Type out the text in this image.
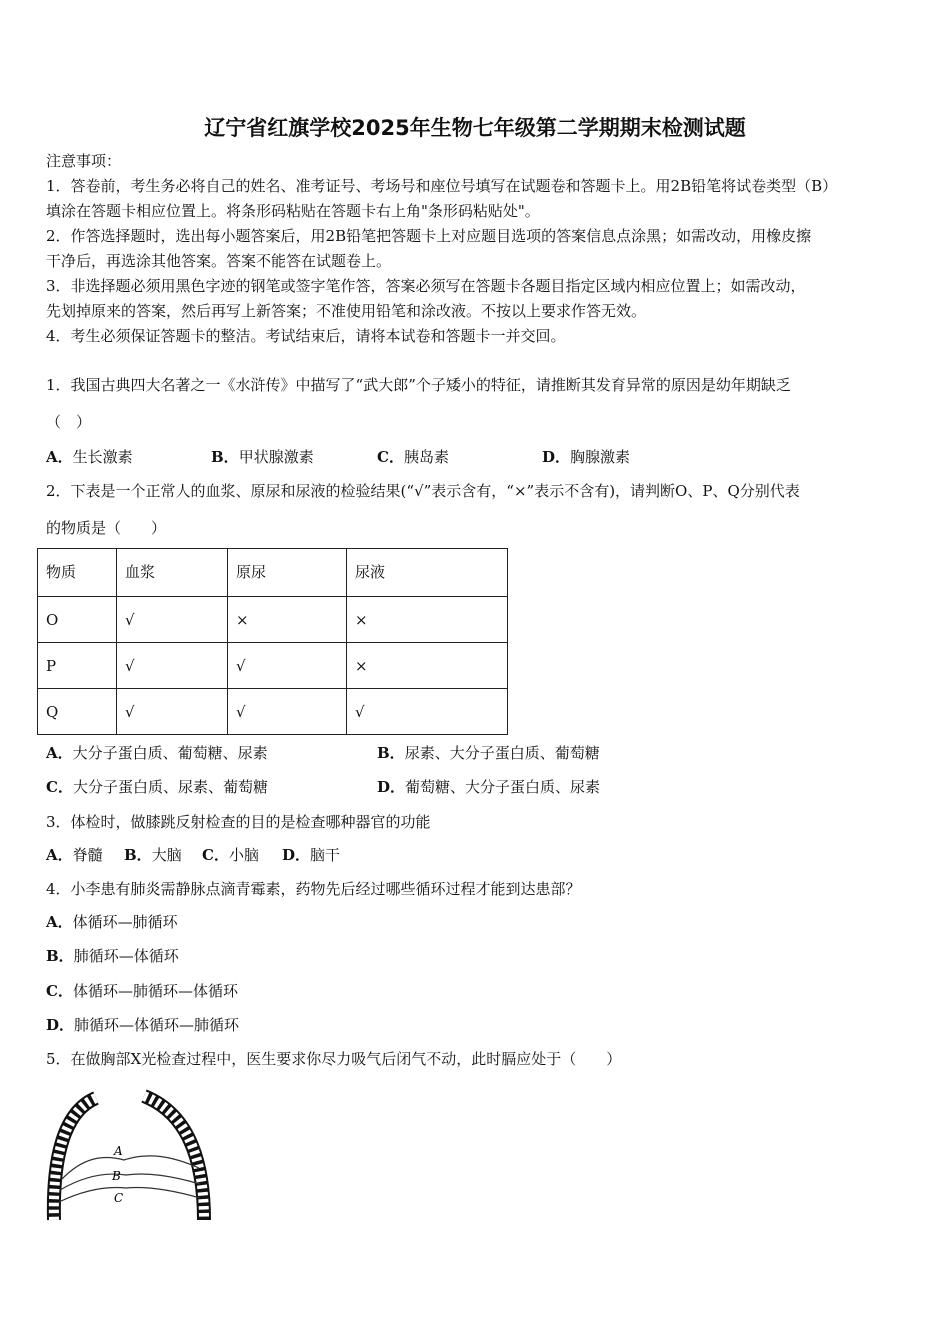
辽宁省红旗学校2025年生物七年级第二学期期末检测试题
注意事项：
1．答卷前，考生务必将自己的姓名、准考证号、考场号和座位号填写在试题卷和答题卡上。用2B铅笔将试卷类型（B）
填涂在答题卡相应位置上。将条形码粘贴在答题卡右上角"条形码粘贴处"。
2．作答选择题时，选出每小题答案后，用2B铅笔把答题卡上对应题目选项的答案信息点涂黑；如需改动，用橡皮擦
干净后，再选涂其他答案。答案不能答在试题卷上。
3．非选择题必须用黑色字迹的钢笔或签字笔作答，答案必须写在答题卡各题目指定区域内相应位置上；如需改动，
先划掉原来的答案，然后再写上新答案；不准使用铅笔和涂改液。不按以上要求作答无效。
4．考生必须保证答题卡的整洁。考试结束后，请将本试卷和答题卡一并交回。
1．我国古典四大名著之一《水浒传》中描写了“武大郎”个子矮小的特征，请推断其发育异常的原因是幼年期缺乏
（　）
A．生长激素	B．甲状腺激素	C．胰岛素	D．胸腺激素
2．下表是一个正常人的血浆、原尿和尿液的检验结果(“√”表示含有，“×”表示不含有)，请判断O、P、Q分别代表
的物质是（　　）
物质	血浆	原尿	尿液
O	√	×	×
P	√	√	×
Q	√	√	√
A．大分子蛋白质、葡萄糖、尿素	B．尿素、大分子蛋白质、葡萄糖
C．大分子蛋白质、尿素、葡萄糖	D．葡萄糖、大分子蛋白质、尿素
3．体检时，做膝跳反射检查的目的是检查哪种器官的功能
A．脊髓 B．大脑 C．小脑 D．脑干
4．小李患有肺炎需静脉点滴青霉素，药物先后经过哪些循环过程才能到达患部？
A．体循环—肺循环
B．肺循环—体循环
C．体循环—肺循环—体循环
D．肺循环—体循环—肺循环
5．在做胸部X光检查过程中，医生要求你尽力吸气后闭气不动，此时膈应处于（　　）
A
B
C
